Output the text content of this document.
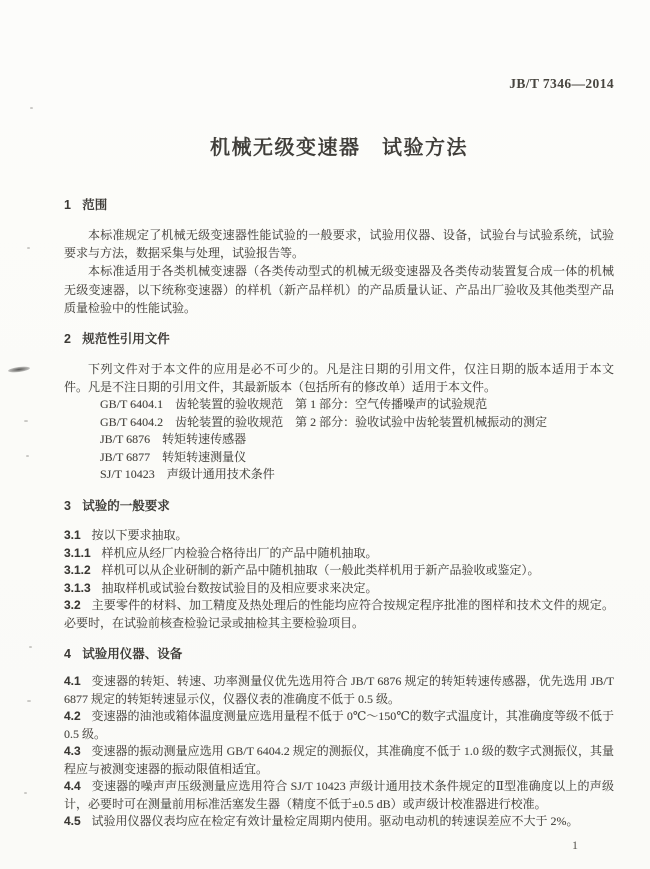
JB/T 7346—2014
机械无级变速器　试验方法
1 范围

本标准规定了机械无级变速器性能试验的一般要求，试验用仪器、设备，试验台与试验系统，试验要求与方法，数据采集与处理，试验报告等。

本标准适用于各类机械变速器（各类传动型式的机械无级变速器及各类传动装置复合成一体的机械无级变速器，以下统称变速器）的样机（新产品样机）的产品质量认证、产品出厂验收及其他类型产品质量检验中的性能试验。

2 规范性引用文件

下列文件对于本文件的应用是必不可少的。凡是注日期的引用文件，仅注日期的版本适用于本文件。凡是不注日期的引用文件，其最新版本（包括所有的修改单）适用于本文件。

GB/T 6404.1　齿轮装置的验收规范　第 1 部分：空气传播噪声的试验规范

GB/T 6404.2　齿轮装置的验收规范　第 2 部分：验收试验中齿轮装置机械振动的测定

JB/T 6876　转矩转速传感器

JB/T 6877　转矩转速测量仪

SJ/T 10423　声级计通用技术条件

3 试验的一般要求

3.1 按以下要求抽取。

3.1.1 样机应从经厂内检验合格待出厂的产品中随机抽取。

3.1.2 样机可以从企业研制的新产品中随机抽取（一般此类样机用于新产品验收或鉴定）。

3.1.3 抽取样机或试验台数按试验目的及相应要求来决定。

3.2 主要零件的材料、加工精度及热处理后的性能均应符合按规定程序批准的图样和技术文件的规定。必要时，在试验前核查检验记录或抽检其主要检验项目。

4 试验用仪器、设备

4.1 变速器的转矩、转速、功率测量仪优先选用符合 JB/T 6876 规定的转矩转速传感器，优先选用 JB/T 6877 规定的转矩转速显示仪，仪器仪表的准确度不低于 0.5 级。

4.2 变速器的油池或箱体温度测量应选用量程不低于 0℃～150℃的数字式温度计，其准确度等级不低于 0.5 级。

4.3 变速器的振动测量应选用 GB/T 6404.2 规定的测振仪，其准确度不低于 1.0 级的数字式测振仪，其量程应与被测变速器的振动限值相适宜。

4.4 变速器的噪声声压级测量应选用符合 SJ/T 10423 声级计通用技术条件规定的Ⅱ型准确度以上的声级计，必要时可在测量前用标准活塞发生器（精度不低于±0.5 dB）或声级计校准器进行校准。

4.5 试验用仪器仪表均应在检定有效计量检定周期内使用。驱动电动机的转速误差应不大于 2%。

1
